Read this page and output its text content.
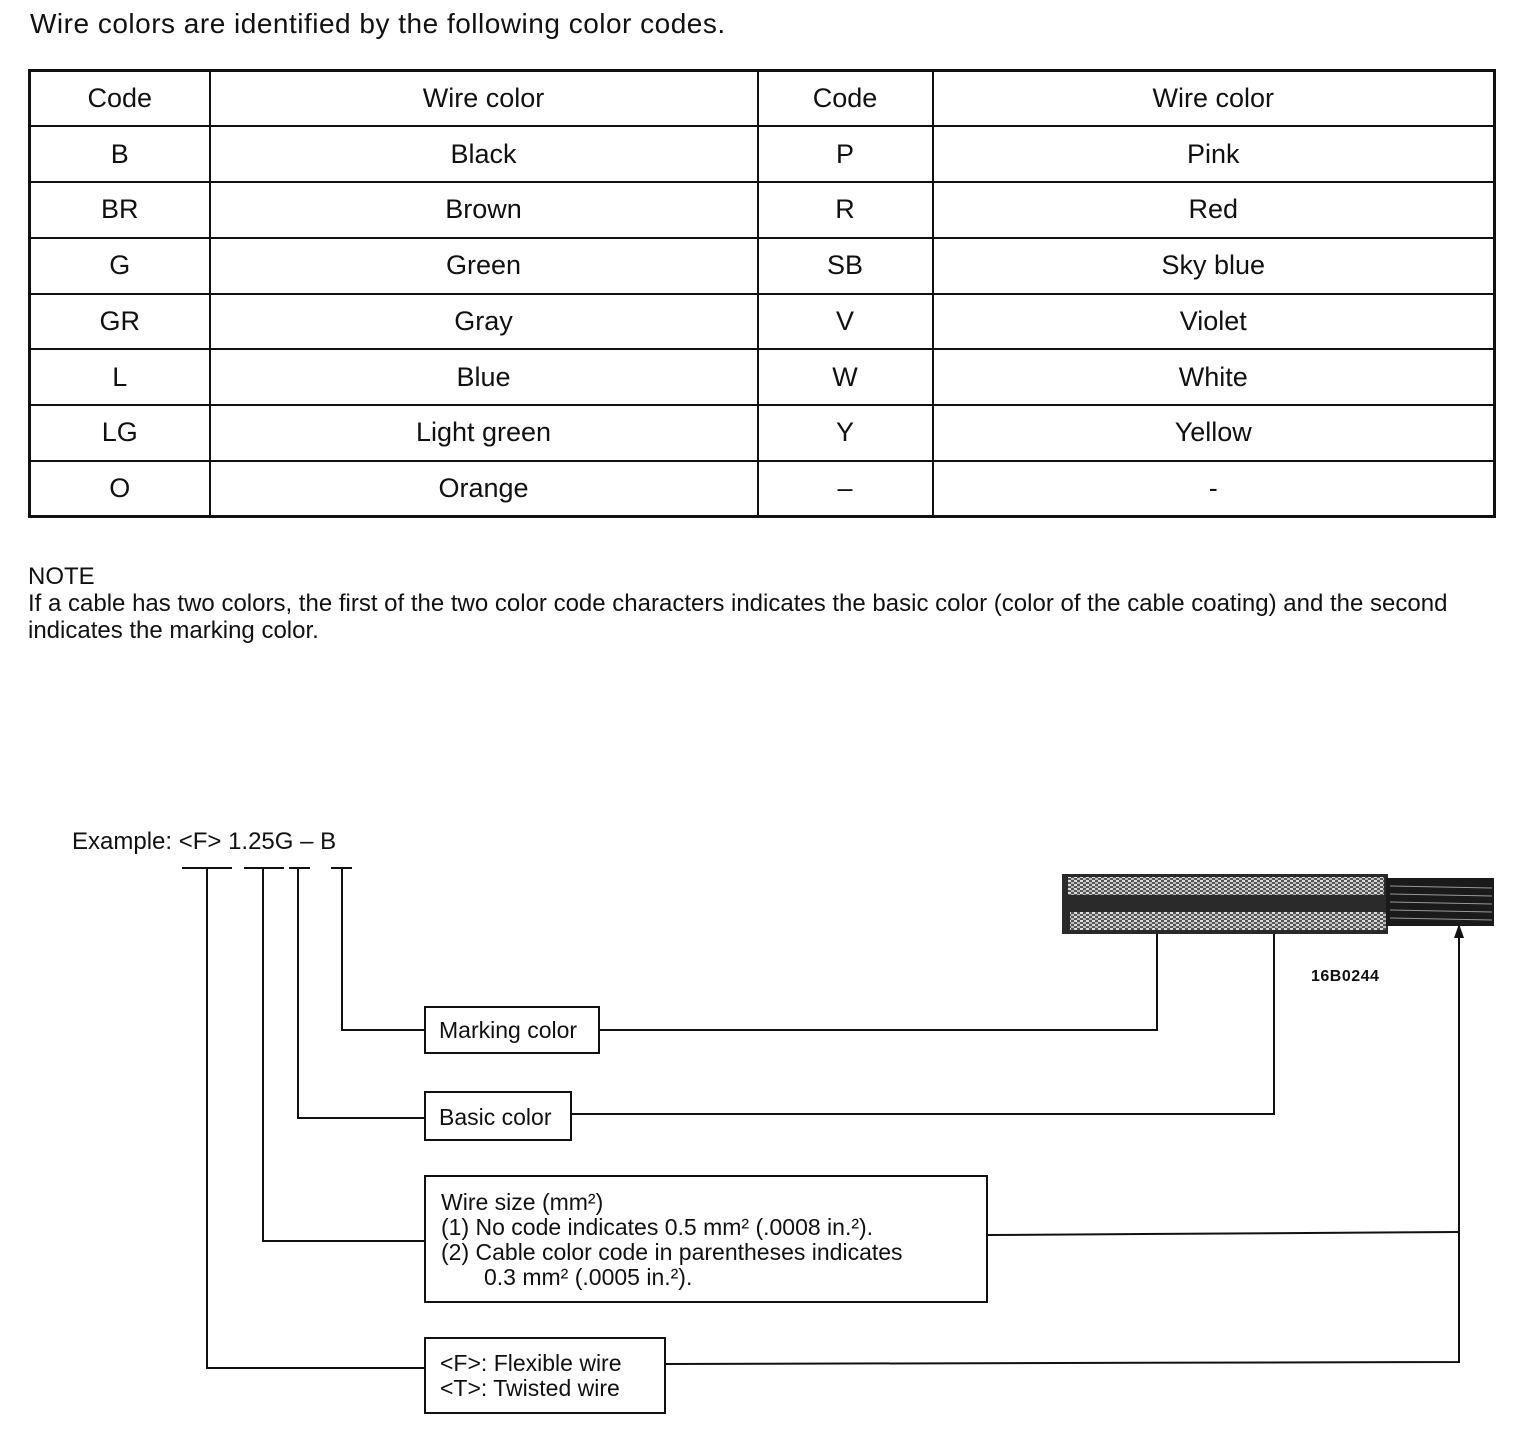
Wire colors are identified by the following color codes.
Code	Wire color	Code	Wire color
B	Black	P	Pink
BR	Brown	R	Red
G	Green	SB	Sky blue
GR	Gray	V	Violet
L	Blue	W	White
LG	Light green	Y	Yellow
O	Orange	–	-
NOTE
If a cable has two colors, the first of the two color code characters indicates the basic color (color of the cable coating) and the second indicates the marking color.
Example: <F> 1.25G – B
16B0244
Marking color
Basic color
Wire size (mm²)
(1) No code indicates 0.5 mm² (.0008 in.²).
(2) Cable color code in parentheses indicates
0.3 mm² (.0005 in.²).
<F>: Flexible wire
<T>: Twisted wire
